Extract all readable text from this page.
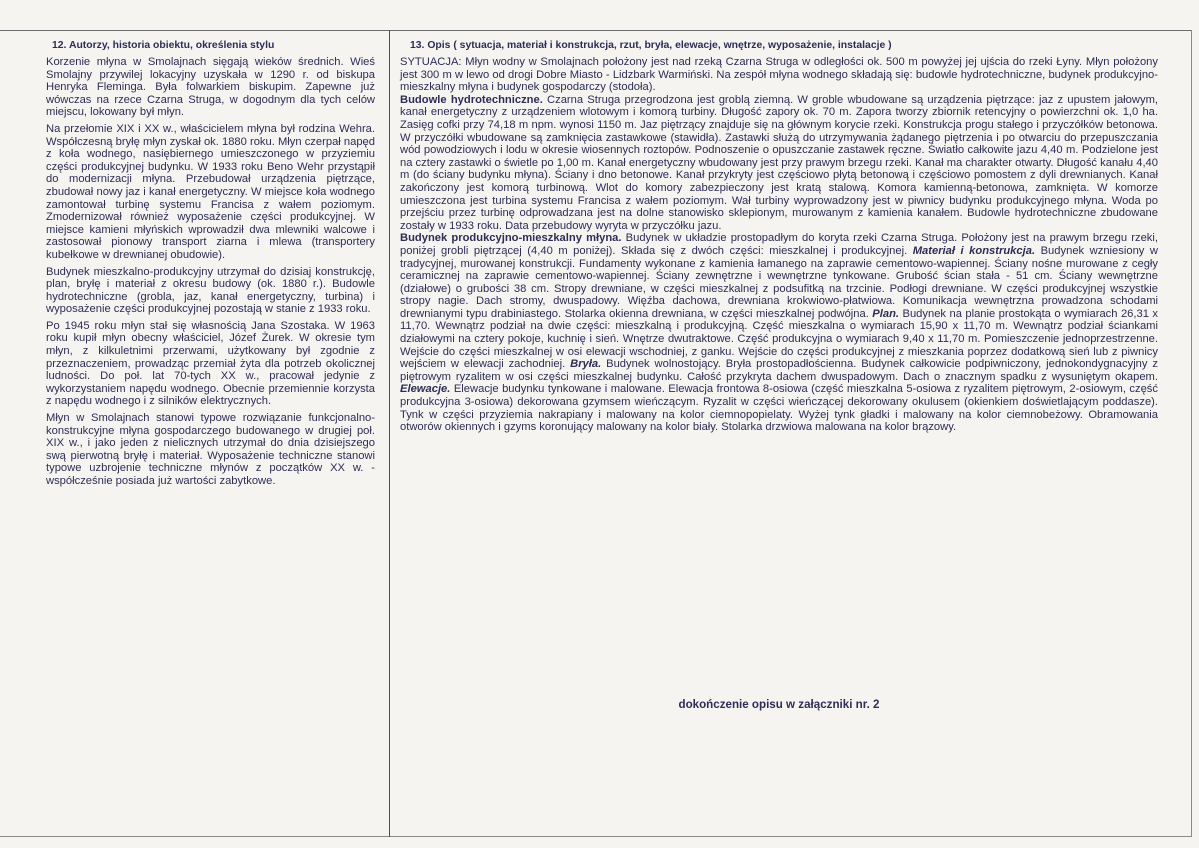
12. Autorzy, historia obiektu, określenia stylu

Korzenie młyna w Smolajnach sięgają wieków średnich. Wieś Smolajny przywilej lokacyjny uzyskała w 1290 r. od biskupa Henryka Fleminga. Była folwarkiem biskupim. Zapewne już wówczas na rzece Czarna Struga, w dogodnym dla tych celów miejscu, lokowany był młyn.

Na przełomie XIX i XX w., właścicielem młyna był rodzina Wehra. Współczesną bryłę młyn zyskał ok. 1880 roku. Młyn czerpał napęd z koła wodnego, nasiębiernego umieszczonego w przyziemiu części produkcyjnej budynku. W 1933 roku Beno Wehr przystąpił do modernizacji młyna. Przebudował urządzenia piętrzące, zbudował nowy jaz i kanał energetyczny. W miejsce koła wodnego zamontował turbinę systemu Francisa z wałem poziomym. Zmodernizował również wyposażenie części produkcyjnej. W miejsce kamieni młyńskich wprowadził dwa mlewniki walcowe i zastosował pionowy transport ziarna i mlewa (transportery kubełkowe w drewnianej obudowie).

Budynek mieszkalno-produkcyjny utrzymał do dzisiaj konstrukcję, plan, bryłę i materiał z okresu budowy (ok. 1880 r.). Budowle hydrotechniczne (grobla, jaz, kanał energetyczny, turbina) i wyposażenie części produkcyjnej pozostają w stanie z 1933 roku.

Po 1945 roku młyn stał się własnością Jana Szostaka. W 1963 roku kupił młyn obecny właściciel, Józef Żurek. W okresie tym młyn, z kilkuletnimi przerwami, użytkowany był zgodnie z przeznaczeniem, prowadząc przemiał żyta dla potrzeb okolicznej ludności. Do poł. lat 70-tych XX w., pracował jedynie z wykorzystaniem napędu wodnego. Obecnie przemiennie korzysta z napędu wodnego i z silników elektrycznych.

Młyn w Smolajnach stanowi typowe rozwiązanie funkcjonalno-konstrukcyjne młyna gospodarczego budowanego w drugiej poł. XIX w., i jako jeden z nielicznych utrzymał do dnia dzisiejszego swą pierwotną bryłę i materiał. Wyposażenie techniczne stanowi typowe uzbrojenie techniczne młynów z początków XX w. - współcześnie posiada już wartości zabytkowe.

13. Opis ( sytuacja, materiał i konstrukcja, rzut, bryła, elewacje, wnętrze, wyposażenie, instalacje )

SYTUACJA: Młyn wodny w Smolajnach położony jest nad rzeką Czarna Struga w odległości ok. 500 m powyżej jej ujścia do rzeki Łyny. Młyn położony jest 300 m w lewo od drogi Dobre Miasto - Lidzbark Warmiński. Na zespół młyna wodnego składają się: budowle hydrotechniczne, budynek produkcyjno-mieszkalny młyna i budynek gospodarczy (stodoła).

Budowle hydrotechniczne. Czarna Struga przegrodzona jest groblą ziemną. W groble wbudowane są urządzenia piętrzące: jaz z upustem jałowym, kanał energetyczny z urządzeniem wlotowym i komorą turbiny. Długość zapory ok. 70 m. Zapora tworzy zbiornik retencyjny o powierzchni ok. 1,0 ha. Zasięg cofki przy 74,18 m npm. wynosi 1150 m. Jaz piętrzący znajduje się na głównym korycie rzeki. Konstrukcja progu stałego i przyczółków betonowa. W przyczółki wbudowane są zamknięcia zastawkowe (stawidła). Zastawki służą do utrzymywania żądanego piętrzenia i po otwarciu do przepuszczania wód powodziowych i lodu w okresie wiosennych roztopów. Podnoszenie o opuszczanie zastawek ręczne. Światło całkowite jazu 4,40 m. Podzielone jest na cztery zastawki o świetle po 1,00 m. Kanał energetyczny wbudowany jest przy prawym brzegu rzeki. Kanał ma charakter otwarty. Długość kanału 4,40 m (do ściany budynku młyna). Ściany i dno betonowe. Kanał przykryty jest częściowo płytą betonową i częściowo pomostem z dyli drewnianych. Kanał zakończony jest komorą turbinową. Wlot do komory zabezpieczony jest kratą stalową. Komora kamienną-betonowa, zamknięta. W komorze umieszczona jest turbina systemu Francisa z wałem poziomym. Wał turbiny wyprowadzony jest w piwnicy budynku produkcyjnego młyna. Woda po przejściu przez turbinę odprowadzana jest na dolne stanowisko sklepionym, murowanym z kamienia kanałem. Budowle hydrotechniczne zbudowane zostały w 1933 roku. Data przebudowy wyryta w przyczółku jazu.

Budynek produkcyjno-mieszkalny młyna. Budynek w układzie prostopadłym do koryta rzeki Czarna Struga. Położony jest na prawym brzegu rzeki, poniżej grobli piętrzącej (4,40 m poniżej). Składa się z dwóch części: mieszkalnej i produkcyjnej. Materiał i konstrukcja. Budynek wzniesiony w tradycyjnej, murowanej konstrukcji. Fundamenty wykonane z kamienia łamanego na zaprawie cementowo-wapiennej. Ściany nośne murowane z cegły ceramicznej na zaprawie cementowo-wapiennej. Ściany zewnętrzne i wewnętrzne tynkowane. Grubość ścian stała - 51 cm. Ściany wewnętrzne (działowe) o grubości 38 cm. Stropy drewniane, w części mieszkalnej z podsufitką na trzcinie. Podłogi drewniane. W części produkcyjnej wszystkie stropy nagie. Dach stromy, dwuspadowy. Więźba dachowa, drewniana krokwiowo-płatwiowa. Komunikacja wewnętrzna prowadzona schodami drewnianymi typu drabiniastego. Stolarka okienna drewniana, w części mieszkalnej podwójna. Plan. Budynek na planie prostokąta o wymiarach 26,31 x 11,70. Wewnątrz podział na dwie części: mieszkalną i produkcyjną. Część mieszkalna o wymiarach 15,90 x 11,70 m. Wewnątrz podział ściankami działowymi na cztery pokoje, kuchnię i sień. Wnętrze dwutraktowe. Część produkcyjna o wymiarach 9,40 x 11,70 m. Pomieszczenie jednoprzestrzenne. Wejście do części mieszkalnej w osi elewacji wschodniej, z ganku. Wejście do części produkcyjnej z mieszkania poprzez dodatkową sień lub z piwnicy wejściem w elewacji zachodniej. Bryła. Budynek wolnostojący. Bryła prostopadłościenna. Budynek całkowicie podpiwniczony, jednokondygnacyjny z piętrowym ryzalitem w osi części mieszkalnej budynku. Całość przykryta dachem dwuspadowym. Dach o znacznym spadku z wysuniętym okapem. Elewacje. Elewacje budynku tynkowane i malowane. Elewacja frontowa 8-osiowa (część mieszkalna 5-osiowa z ryzalitem piętrowym, 2-osiowym, część produkcyjna 3-osiowa) dekorowana gzymsem wieńczącym. Ryzalit w części wieńczącej dekorowany okulusem (okienkiem doświetlającym poddasze). Tynk w części przyziemia nakrapiany i malowany na kolor ciemnopopielaty. Wyżej tynk gładki i malowany na kolor ciemnobeżowy. Obramowania otworów okiennych i gzyms koronujący malowany na kolor biały. Stolarka drzwiowa malowana na kolor brązowy.

dokończenie opisu w załączniki nr. 2
